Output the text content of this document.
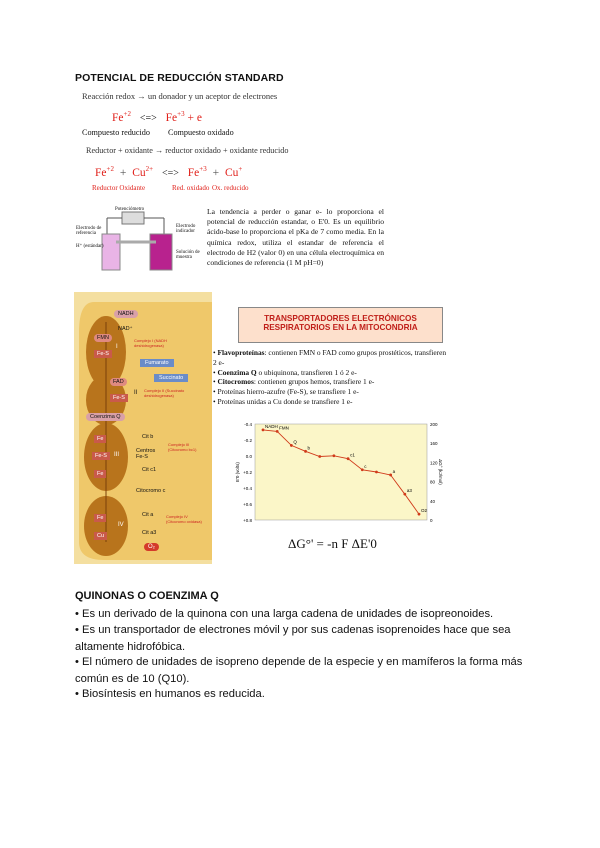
POTENCIAL DE REDUCCIÓN STANDARD
Reacción redox → un donador y un aceptor de electrones
$Fe^{+2}$ <=> $Fe^{+3} + e$
Compuesto reducido Compuesto oxidado
Reductor + oxidante → reductor oxidado + oxidante reducido
$Fe^{+2} + Cu^{2+}$ <=> $Fe^{+3} + Cu^+$
Reductor Oxidante	Red. oxidado Ox. reducido
Potenciómetro
Electrodo de referencia
H⁺ (estándar)
Electrodo indicador
Solución de muestra
La tendencia a perder o ganar e- lo proporciona el potencial de reducción estandar, o E'0. Es un equilibrio ácido-base lo proporciona el pKa de 7 como media. En la química redox, utiliza el estandar de referencia el electrodo de H2 (valor 0) en una célula electroquímica en condiciones de referencia (1 M pH=0)
NADH
NAD⁺
FMN
Fe-S
I
Complejo I (NADH deshidrogenasa)
Fumarato
Succinato
FAD
Fe-S
II Complejo II (Succinato deshidrogenasa)
Coenzima Q
Cit b
Fe
Fe-S	III
Centros Fe-S
Fe
Cit c1
Complejo III (Citocromo bc1)
Citocromo c
Fe
Cu
Cit a
Cit a3
IV
Complejo IV (Citocromo oxidasa)
O₂
TRANSPORTADORES ELECTRÓNICOS
RESPIRATORIOS EN LA MITOCONDRIA
• Flavoproteínas: contienen FMN o FAD como grupos prostéticos, transfieren 2 e-
• Coenzima Q o ubiquinona, transfieren 1 ó 2 e-
• Citocromos: contienen grupos hemos, transfiere 1 e-
• Proteínas hierro-azufre (Fe-S), se transfiere 1 e-
• Proteínas unidas a Cu donde se transfiere 1 e-
-0.4
-0.2
0.0
+0.2
+0.4
+0.6
+0.8
200
160
120
80
40
0
NADH FMN
Q
b
c1
c
a
a3
O2
E'0 (volts)	ΔG° (kJ/mol)
ΔG°' = -n F ΔE'0
QUINONAS O COENZIMA Q
• Es un derivado de la quinona con una larga cadena de unidades de isopreonoides.
• Es un transportador de electrones móvil y por sus cadenas isoprenoides hace que sea altamente hidrofóbica.
• El número de unidades de isopreno depende de la especie y en mamíferos la forma más común es de 10 (Q10).
• Biosíntesis en humanos es reducida.
